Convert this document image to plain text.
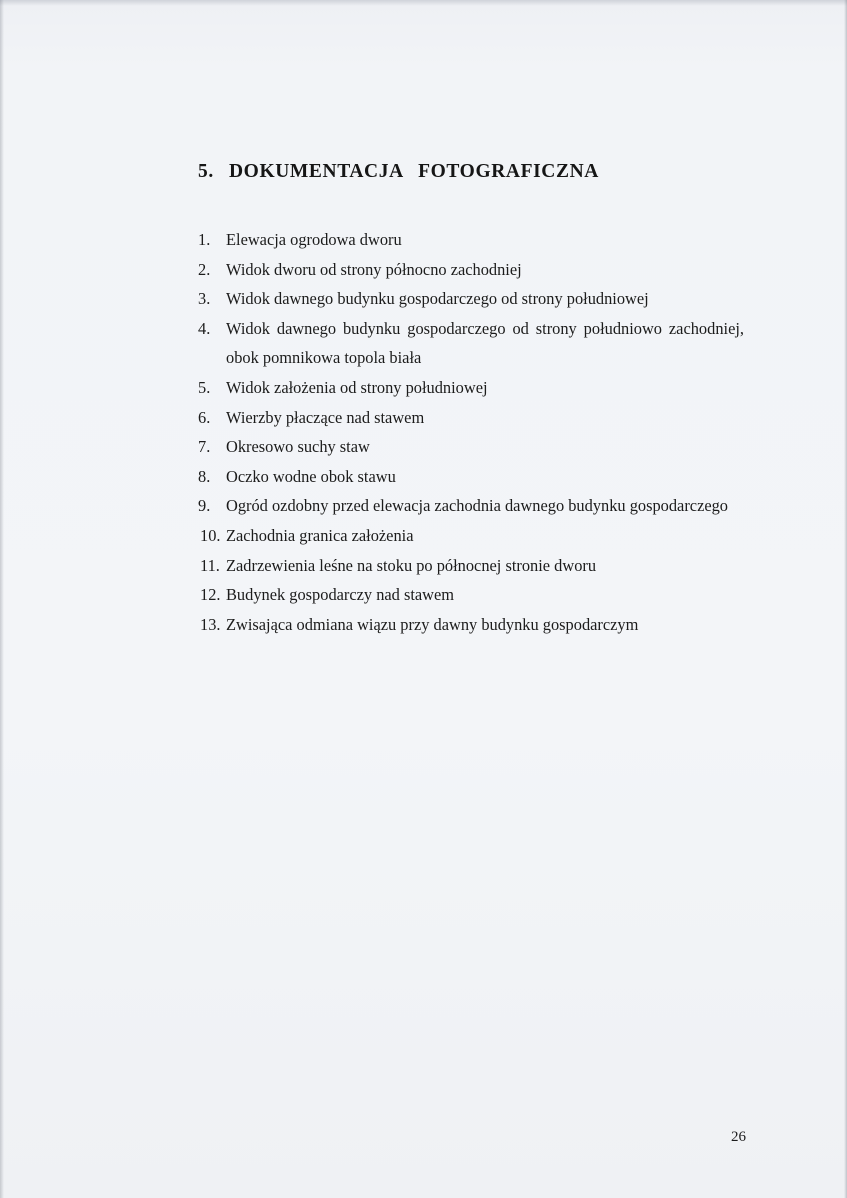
5. DOKUMENTACJA FOTOGRAFICZNA
1. Elewacja ogrodowa dworu
2. Widok dworu od strony północno zachodniej
3. Widok dawnego budynku gospodarczego od strony południowej
4. Widok dawnego budynku gospodarczego od strony południowo zachodniej, obok pomnikowa topola biała
5. Widok założenia od strony południowej
6. Wierzby płaczące nad stawem
7. Okresowo suchy staw
8. Oczko wodne obok stawu
9. Ogród ozdobny przed elewacja zachodnia dawnego budynku gospodarczego
10. Zachodnia granica założenia
11. Zadrzewienia leśne na stoku po północnej stronie dworu
12. Budynek gospodarczy nad stawem
13. Zwisająca odmiana wiązu przy dawny budynku gospodarczym
26
